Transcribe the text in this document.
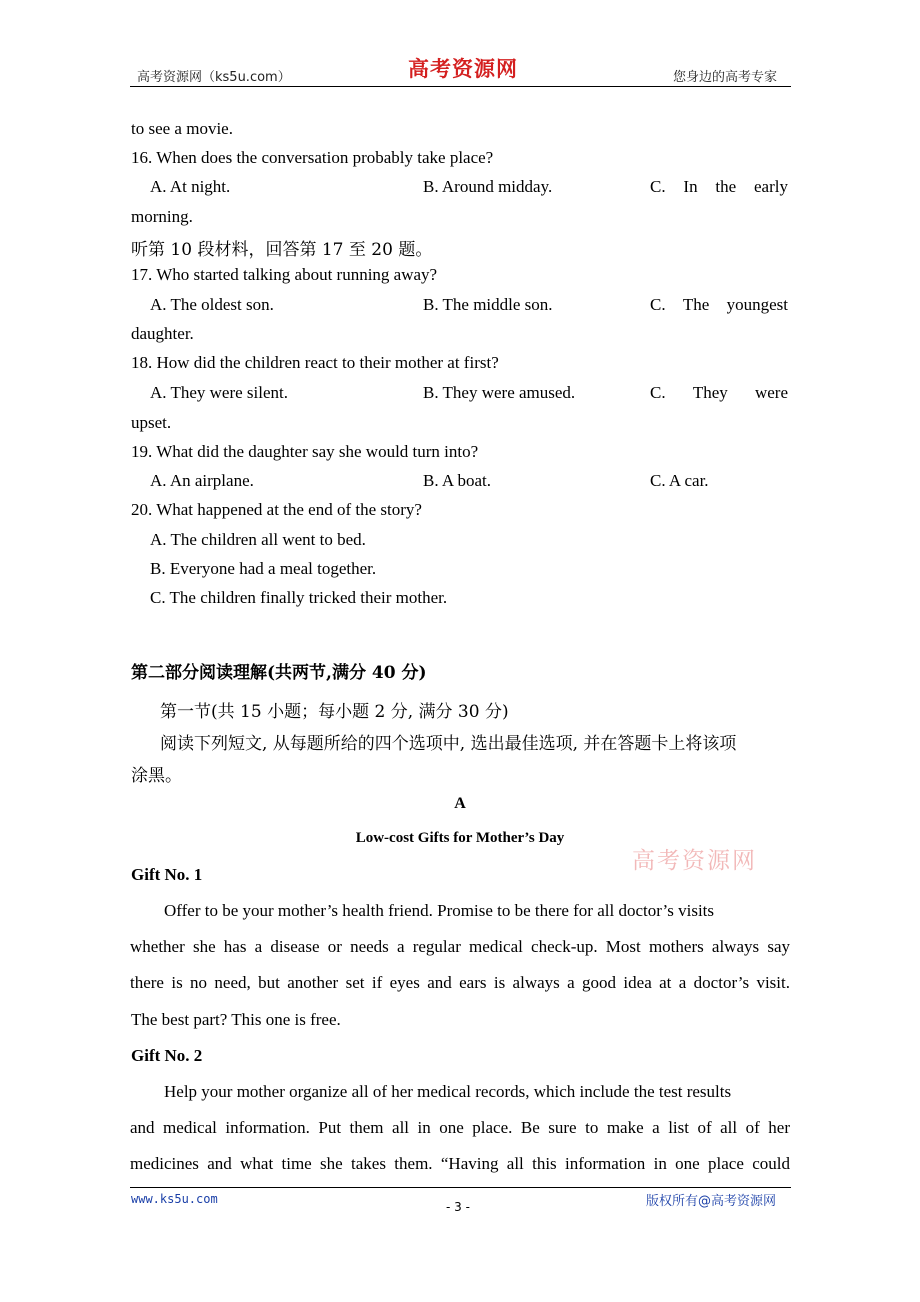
高考资源网（ks5u.com）	高考资源网	您身边的高考专家
to see a movie.
16. When does the conversation probably take place?
A. At night.	B. Around midday.	C. In the early
morning.
听第 10 段材料，回答第 17 至 20 题。
17. Who started talking about running away?
A. The oldest son.	B. The middle son.	C. The youngest
daughter.
18. How did the children react to their mother at first?
A. They were silent.	B. They were amused.	C. They were
upset.
19. What did the daughter say she would turn into?
A. An airplane.	B. A boat.	C. A car.
20. What happened at the end of the story?
A. The children all went to bed.
B. Everyone had a meal together.
C. The children finally tricked their mother.
第二部分阅读理解(共两节,满分 40 分)
第一节(共 15 小题；每小题 2 分, 满分 30 分)
阅读下列短文, 从每题所给的四个选项中, 选出最佳选项, 并在答题卡上将该项
涂黑。
A
Low-cost Gifts for Mother’s Day
高考资源网
Gift No. 1
Offer to be your mother’s health friend. Promise to be there for all doctor’s visits
whether she has a disease or needs a regular medical check-up. Most mothers always say
there is no need, but another set if eyes and ears is always a good idea at a doctor’s visit.
The best part? This one is free.
Gift No. 2
Help your mother organize all of her medical records, which include the test results
and medical information. Put them all in one place. Be sure to make a list of all of her
medicines and what time she takes them. “Having all this information in one place could
www.ks5u.com
- 3 -	版权所有@高考资源网
